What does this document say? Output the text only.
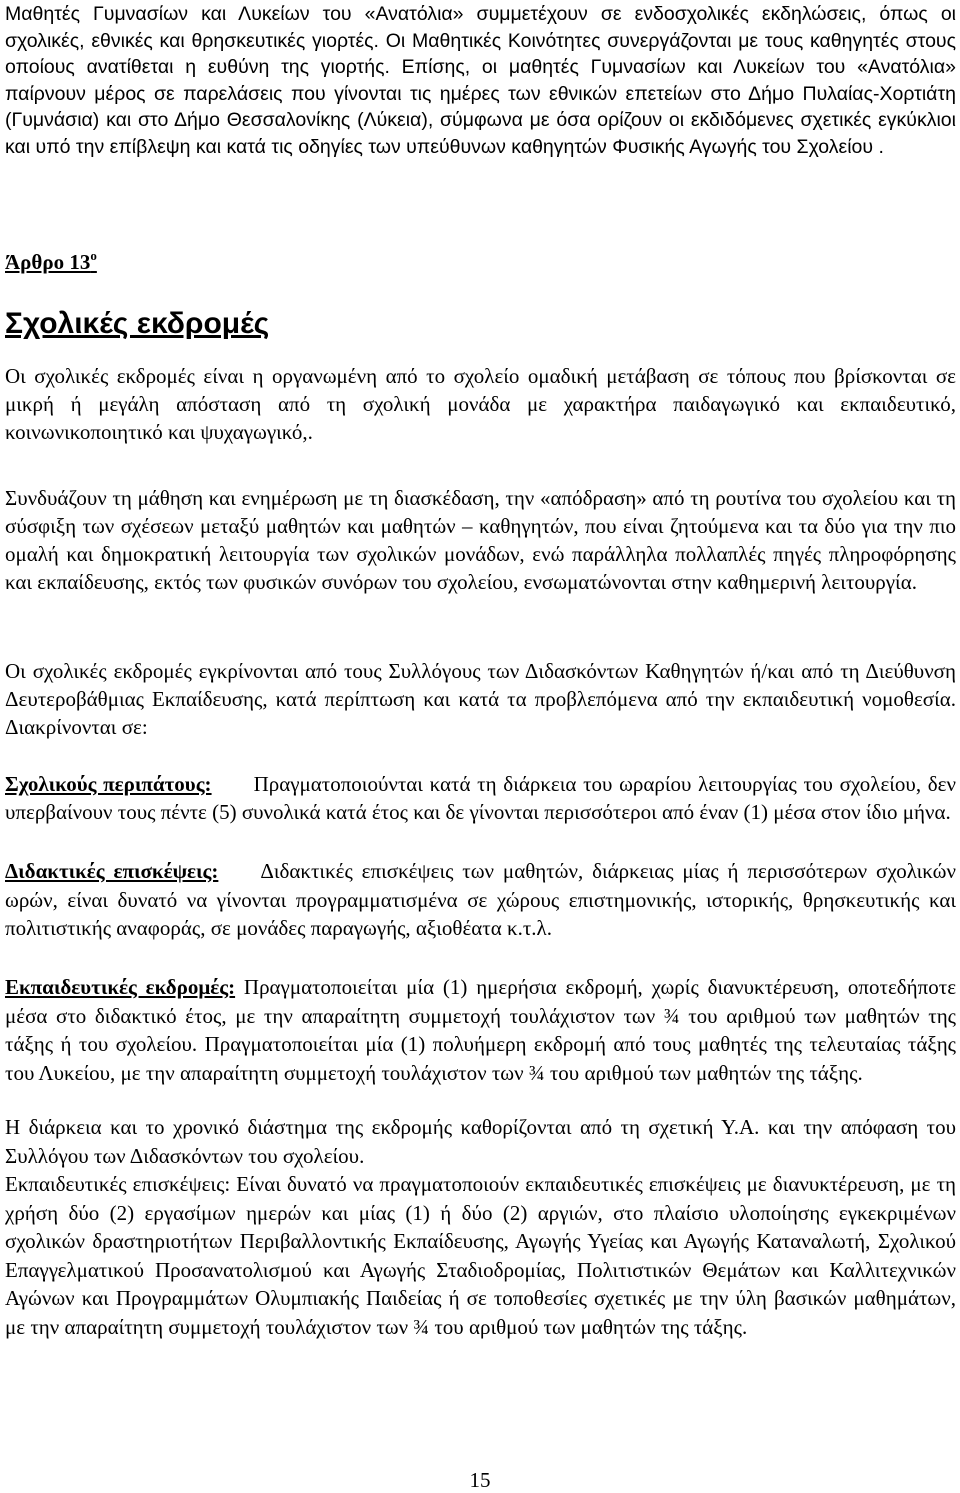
Μαθητές Γυμνασίων και Λυκείων του «Ανατόλια» συμμετέχουν σε ενδοσχολικές εκδηλώσεις, όπως οι σχολικές, εθνικές και θρησκευτικές γιορτές. Οι Μαθητικές Κοινότητες συνεργάζονται με τους καθηγητές στους οποίους ανατίθεται η ευθύνη της γιορτής. Επίσης, οι μαθητές Γυμνασίων και Λυκείων του «Ανατόλια» παίρνουν μέρος σε παρελάσεις που γίνονται τις ημέρες των εθνικών επετείων στο Δήμο Πυλαίας-Χορτιάτη (Γυμνάσια) και στο Δήμο Θεσσαλονίκης (Λύκεια), σύμφωνα με όσα ορίζουν οι εκδιδόμενες σχετικές εγκύκλιοι και υπό την επίβλεψη και κατά τις οδηγίες των υπεύθυνων καθηγητών Φυσικής Αγωγής του Σχολείου .

Άρθρο $13^o$
Σχολικές εκδρομές

Οι σχολικές εκδρομές είναι η οργανωμένη από το σχολείο ομαδική μετάβαση σε τόπους που βρίσκονται σε μικρή ή μεγάλη απόσταση από τη σχολική μονάδα με χαρακτήρα παιδαγωγικό και εκπαιδευτικό, κοινωνικοποιητικό και ψυχαγωγικό,.

Συνδυάζουν τη μάθηση και ενημέρωση με τη διασκέδαση, την «απόδραση» από τη ρουτίνα του σχολείου και τη σύσφιξη των σχέσεων μεταξύ μαθητών και μαθητών – καθηγητών, που είναι ζητούμενα και τα δύο για την πιο ομαλή και δημοκρατική λειτουργία των σχολικών μονάδων, ενώ παράλληλα πολλαπλές πηγές πληροφόρησης και εκπαίδευσης, εκτός των φυσικών συνόρων του σχολείου, ενσωματώνονται στην καθημερινή λειτουργία.

Οι σχολικές εκδρομές εγκρίνονται από τους Συλλόγους των Διδασκόντων Καθηγητών ή/και από τη Διεύθυνση Δευτεροβάθμιας Εκπαίδευσης, κατά περίπτωση και κατά τα προβλεπόμενα από την εκπαιδευτική νομοθεσία. Διακρίνονται σε:

Σχολικούς περιπάτους: Πραγματοποιούνται κατά τη διάρκεια του ωραρίου λειτουργίας του σχολείου, δεν υπερβαίνουν τους πέντε (5) συνολικά κατά έτος και δε γίνονται περισσότεροι από έναν (1) μέσα στον ίδιο μήνα.

Διδακτικές επισκέψεις: Διδακτικές επισκέψεις των μαθητών, διάρκειας μίας ή περισσότερων σχολικών ωρών, είναι δυνατό να γίνονται προγραμματισμένα σε χώρους επιστημονικής, ιστορικής, θρησκευτικής και πολιτιστικής αναφοράς, σε μονάδες παραγωγής, αξιοθέατα κ.τ.λ.

Εκπαιδευτικές εκδρομές: Πραγματοποιείται μία (1) ημερήσια εκδρομή, χωρίς διανυκτέρευση, οποτεδήποτε μέσα στο διδακτικό έτος, με την απαραίτητη συμμετοχή τουλάχιστον των ¾ του αριθμού των μαθητών της τάξης ή του σχολείου. Πραγματοποιείται μία (1) πολυήμερη εκδρομή από τους μαθητές της τελευταίας τάξης του Λυκείου, με την απαραίτητη συμμετοχή τουλάχιστον των ¾ του αριθμού των μαθητών της τάξης.

Η διάρκεια και το χρονικό διάστημα της εκδρομής καθορίζονται από τη σχετική Υ.Α. και την απόφαση του Συλλόγου των Διδασκόντων του σχολείου.

Εκπαιδευτικές επισκέψεις: Είναι δυνατό να πραγματοποιούν εκπαιδευτικές επισκέψεις με διανυκτέρευση, με τη χρήση δύο (2) εργασίμων ημερών και μίας (1) ή δύο (2) αργιών, στο πλαίσιο υλοποίησης εγκεκριμένων σχολικών δραστηριοτήτων Περιβαλλοντικής Εκπαίδευσης, Αγωγής Υγείας και Αγωγής Καταναλωτή, Σχολικού Επαγγελματικού Προσανατολισμού και Αγωγής Σταδιοδρομίας, Πολιτιστικών Θεμάτων και Καλλιτεχνικών Αγώνων και Προγραμμάτων Ολυμπιακής Παιδείας ή σε τοποθεσίες σχετικές με την ύλη βασικών μαθημάτων, με την απαραίτητη συμμετοχή τουλάχιστον των ¾ του αριθμού των μαθητών της τάξης.

15
